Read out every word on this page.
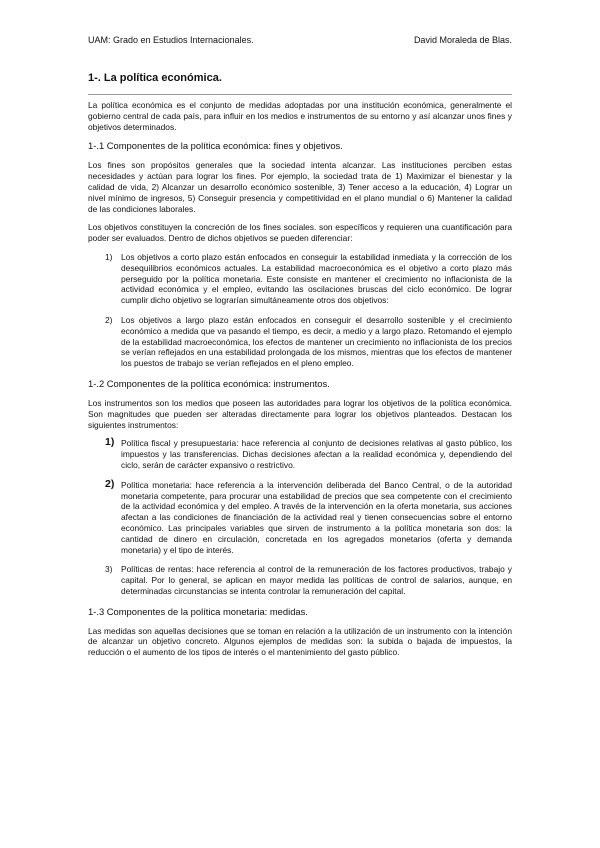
UAM: Grado en Estudios Internacionales.	David Moraleda de Blas.
1-. La política económica.

La política económica es el conjunto de medidas adoptadas por una institución económica, generalmente el gobierno central de cada país, para influir en los medios e instrumentos de su entorno y así alcanzar unos fines y objetivos determinados.

1-.1 Componentes de la política económica: fines y objetivos.

Los fines son propósitos generales que la sociedad intenta alcanzar. Las instituciones perciben estas necesidades y actúan para lograr los fines. Por ejemplo, la sociedad trata de 1) Maximizar el bienestar y la calidad de vida, 2) Alcanzar un desarrollo económico sostenible, 3) Tener acceso a la educación, 4) Lograr un nivel mínimo de ingresos, 5) Conseguir presencia y competitividad en el plano mundial o 6) Mantener la calidad de las condiciones laborales.

Los objetivos constituyen la concreción de los fines sociales. son específicos y requieren una cuantificación para poder ser evaluados. Dentro de dichos objetivos se pueden diferenciar:

1) Los objetivos a corto plazo están enfocados en conseguir la estabilidad inmediata y la corrección de los desequilibrios económicos actuales. La estabilidad macroeconómica es el objetivo a corto plazo más perseguido por la política monetaria. Este consiste en mantener el crecimiento no inflacionista de la actividad económica y el empleo, evitando las oscilaciones bruscas del ciclo económico. De lograr cumplir dicho objetivo se lograrían simultáneamente otros dos objetivos:
2) Los objetivos a largo plazo están enfocados en conseguir el desarrollo sostenible y el crecimiento económico a medida que va pasando el tiempo, es decir, a medio y a largo plazo. Retomando el ejemplo de la estabilidad macroeconómica, los efectos de mantener un crecimiento no inflacionista de los precios se verían reflejados en una estabilidad prolongada de los mismos, mientras que los efectos de mantener los puestos de trabajo se verían reflejados en el pleno empleo.
1-.2 Componentes de la política económica: instrumentos.

Los instrumentos son los medios que poseen las autoridades para lograr los objetivos de la política económica. Son magnitudes que pueden ser alteradas directamente para lograr los objetivos planteados. Destacan los siguientes instrumentos:

1) Política fiscal y presupuestaria: hace referencia al conjunto de decisiones relativas al gasto público, los impuestos y las transferencias. Dichas decisiones afectan a la realidad económica y, dependiendo del ciclo, serán de carácter expansivo o restrictivo.
2) Política monetaria: hace referencia a la intervención deliberada del Banco Central, o de la autoridad monetaria competente, para procurar una estabilidad de precios que sea competente con el crecimiento de la actividad económica y del empleo. A través de la intervención en la oferta monetaria, sus acciones afectan a las condiciones de financiación de la actividad real y tienen consecuencias sobre el entorno económico. Las principales variables que sirven de instrumento a la política monetaria son dos: la cantidad de dinero en circulación, concretada en los agregados monetarios (oferta y demanda monetaria) y el tipo de interés.
3) Políticas de rentas: hace referencia al control de la remuneración de los factores productivos, trabajo y capital. Por lo general, se aplican en mayor medida las políticas de control de salarios, aunque, en determinadas circunstancias se intenta controlar la remuneración del capital.
1-.3 Componentes de la política monetaria: medidas.

Las medidas son aquellas decisiones que se toman en relación a la utilización de un instrumento con la intención de alcanzar un objetivo concreto. Algunos ejemplos de medidas son: la subida o bajada de impuestos, la reducción o el aumento de los tipos de interés o el mantenimiento del gasto público.
